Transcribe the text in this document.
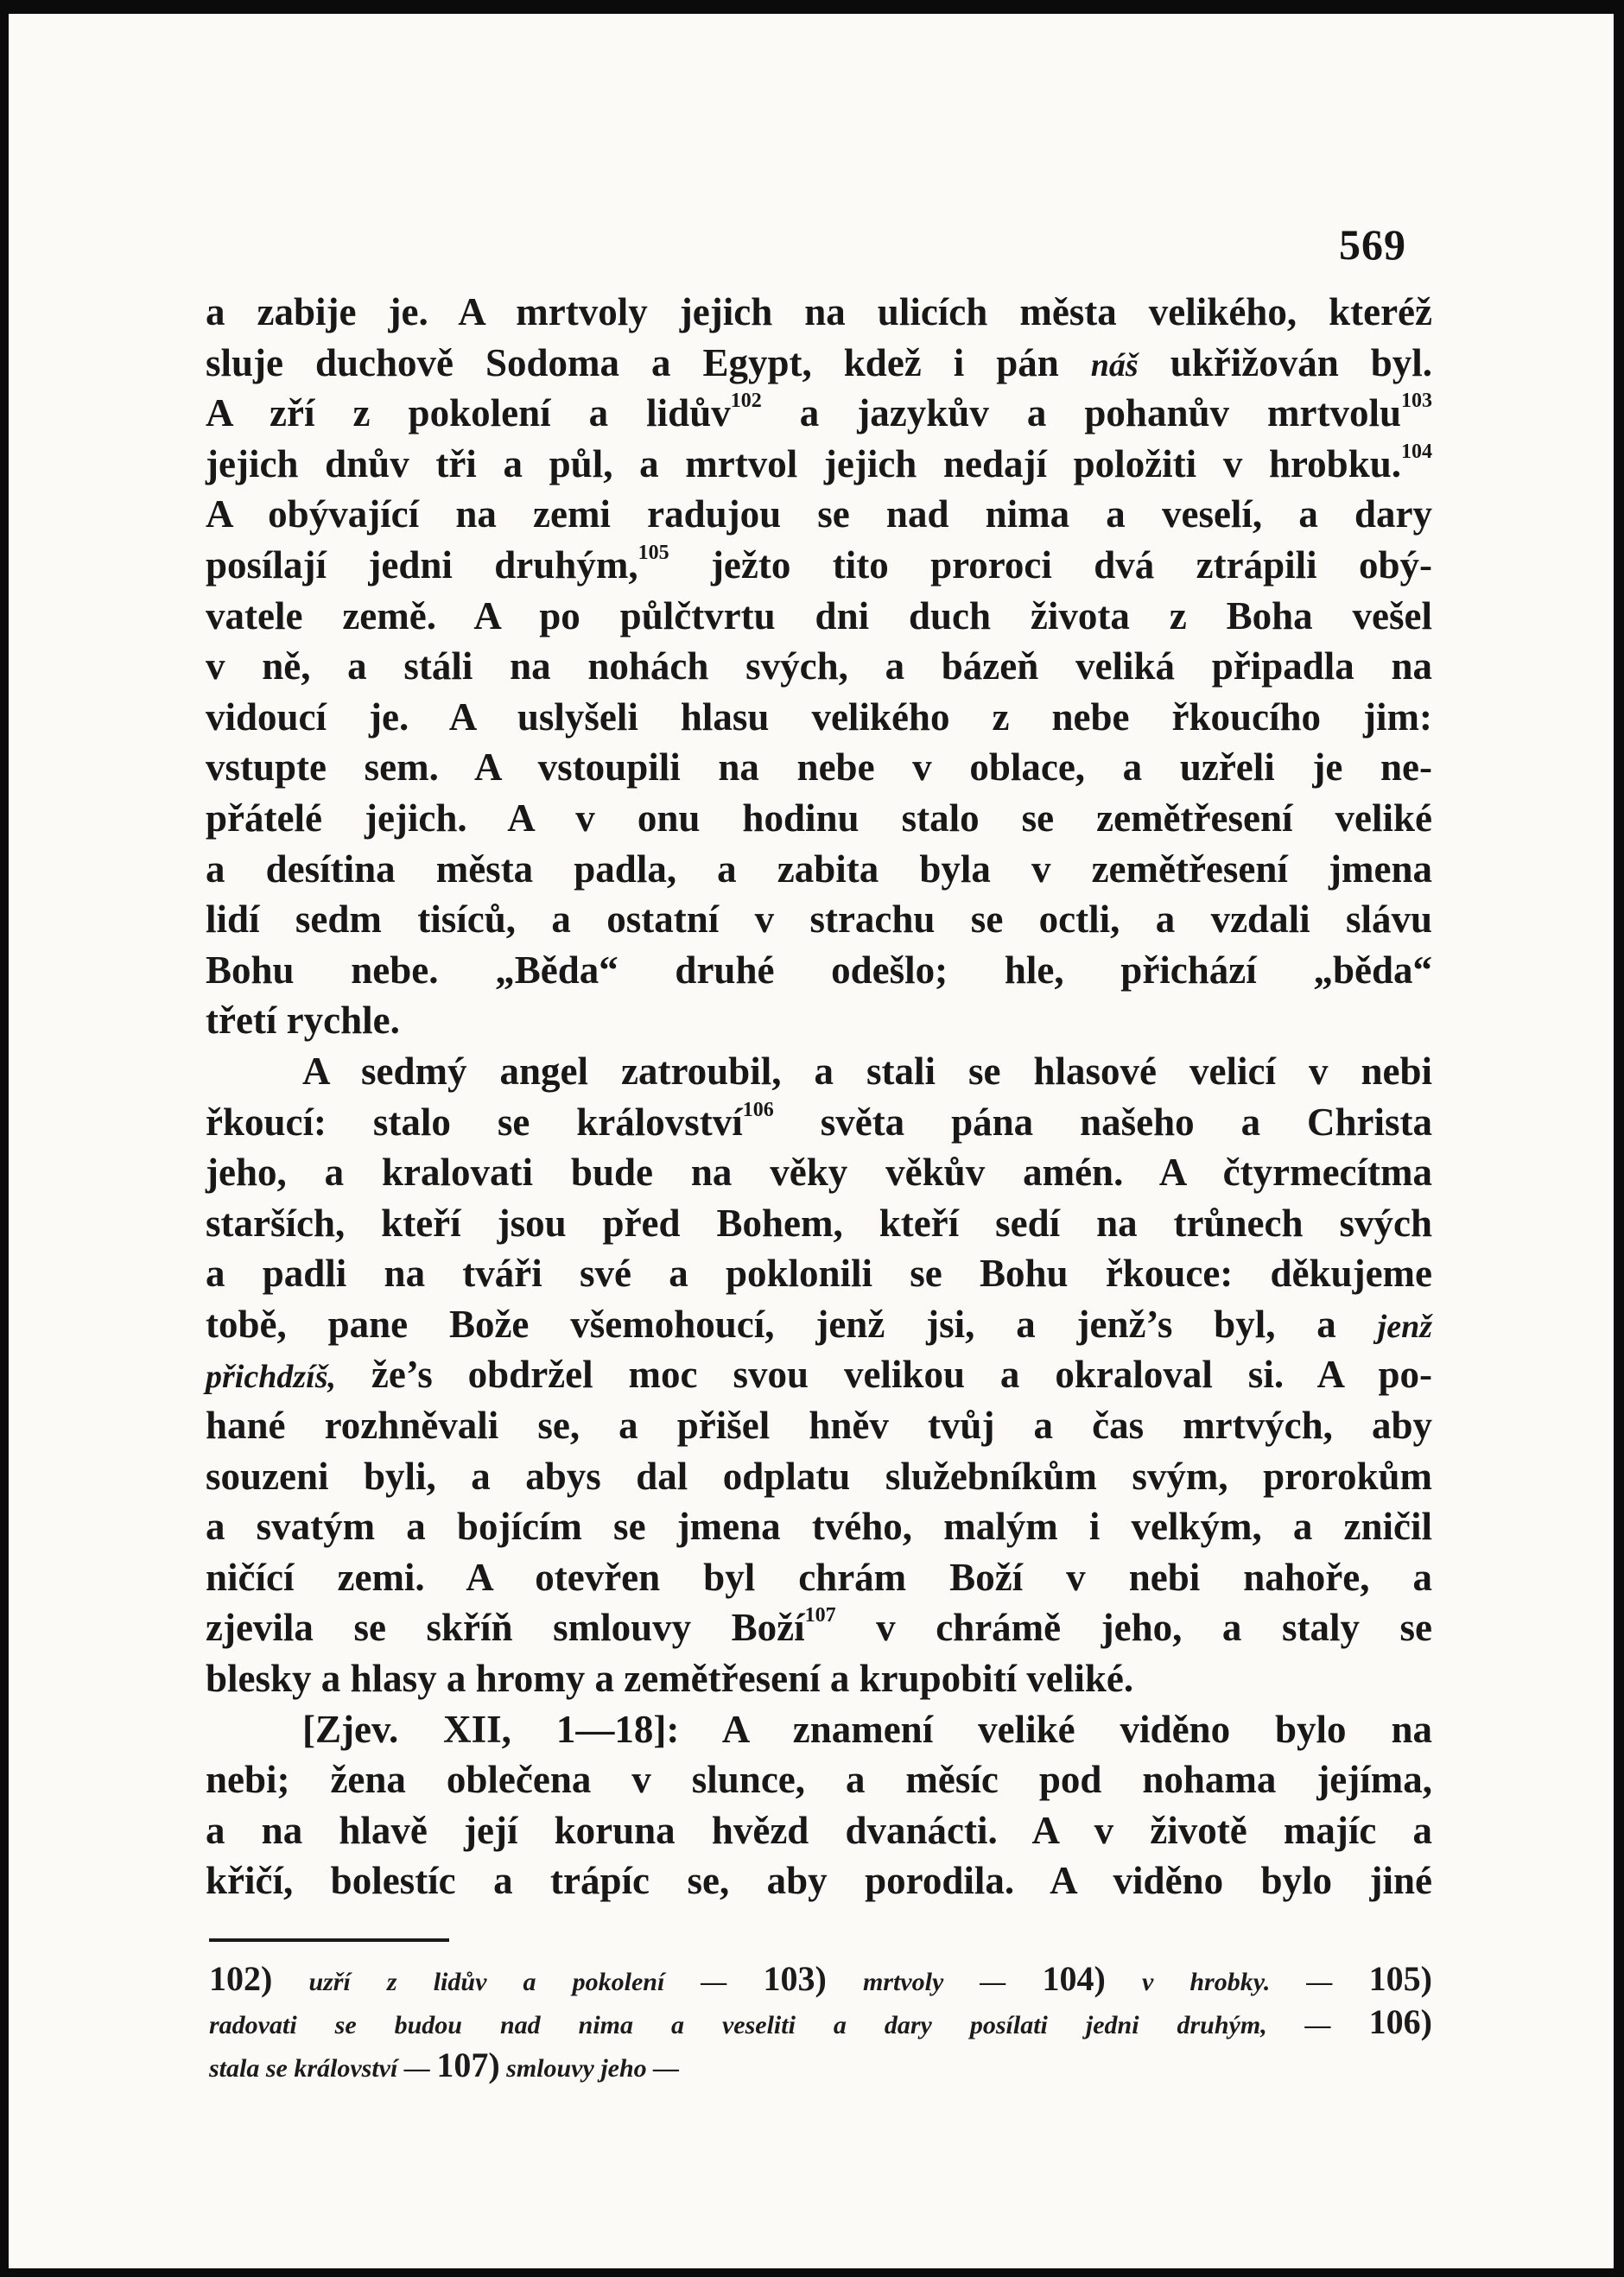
569
a zabije je. A mrtvoly jejich na ulicích města velikého, kteréž
sluje duchově Sodoma a Egypt, kdež i pán náš ukřižován byl.
A zří z pokolení a lidův$^{102}$ a jazykův a pohanův mrtvolu$^{103}$
jejich dnův tři a půl, a mrtvol jejich nedají položiti v hrobku.$^{104}$
A obývající na zemi radujou se nad nima a veselí, a dary
posílají jedni druhým,$^{105}$ ježto tito proroci dvá ztrápili obý-
vatele země. A po půlčtvrtu dni duch života z Boha vešel
v ně, a stáli na nohách svých, a bázeň veliká připadla na
vidoucí je. A uslyšeli hlasu velikého z nebe řkoucího jim:
vstupte sem. A vstoupili na nebe v oblace, a uzřeli je ne-
přátelé jejich. A v onu hodinu stalo se zemětřesení veliké
a desítina města padla, a zabita byla v zemětřesení jmena
lidí sedm tisíců, a ostatní v strachu se octli, a vzdali slávu
Bohu nebe. „Běda“ druhé odešlo; hle, přichází „běda“
třetí rychle.
A sedmý angel zatroubil, a stali se hlasové velicí v nebi
řkoucí: stalo se království$^{106}$ světa pána našeho a Christa
jeho, a kralovati bude na věky věkův amén. A čtyrmecítma
starších, kteří jsou před Bohem, kteří sedí na trůnech svých
a padli na tváři své a poklonili se Bohu řkouce: děkujeme
tobě, pane Bože všemohoucí, jenž jsi, a jenž’s byl, a jenž
přichdzíš, že’s obdržel moc svou velikou a okraloval si. A po-
hané rozhněvali se, a přišel hněv tvůj a čas mrtvých, aby
souzeni byli, a abys dal odplatu služebníkům svým, prorokům
a svatým a bojícím se jmena tvého, malým i velkým, a zničil
ničící zemi. A otevřen byl chrám Boží v nebi nahoře, a
zjevila se skříň smlouvy Boží$^{107}$ v chrámě jeho, a staly se
blesky a hlasy a hromy a zemětřesení a krupobití veliké.
[Zjev. XII, 1—18]: A znamení veliké viděno bylo na
nebi; žena oblečena v slunce, a měsíc pod nohama jejíma,
a na hlavě její koruna hvězd dvanácti. A v životě majíc a
křičí, bolestíc a trápíc se, aby porodila. A viděno bylo jiné
102) uzří z lidův a pokolení — 103) mrtvoly — 104) v hrobky. — 105)
radovati se budou nad nima a veseliti a dary posílati jedni druhým, — 106)
stala se království — 107) smlouvy jeho —
